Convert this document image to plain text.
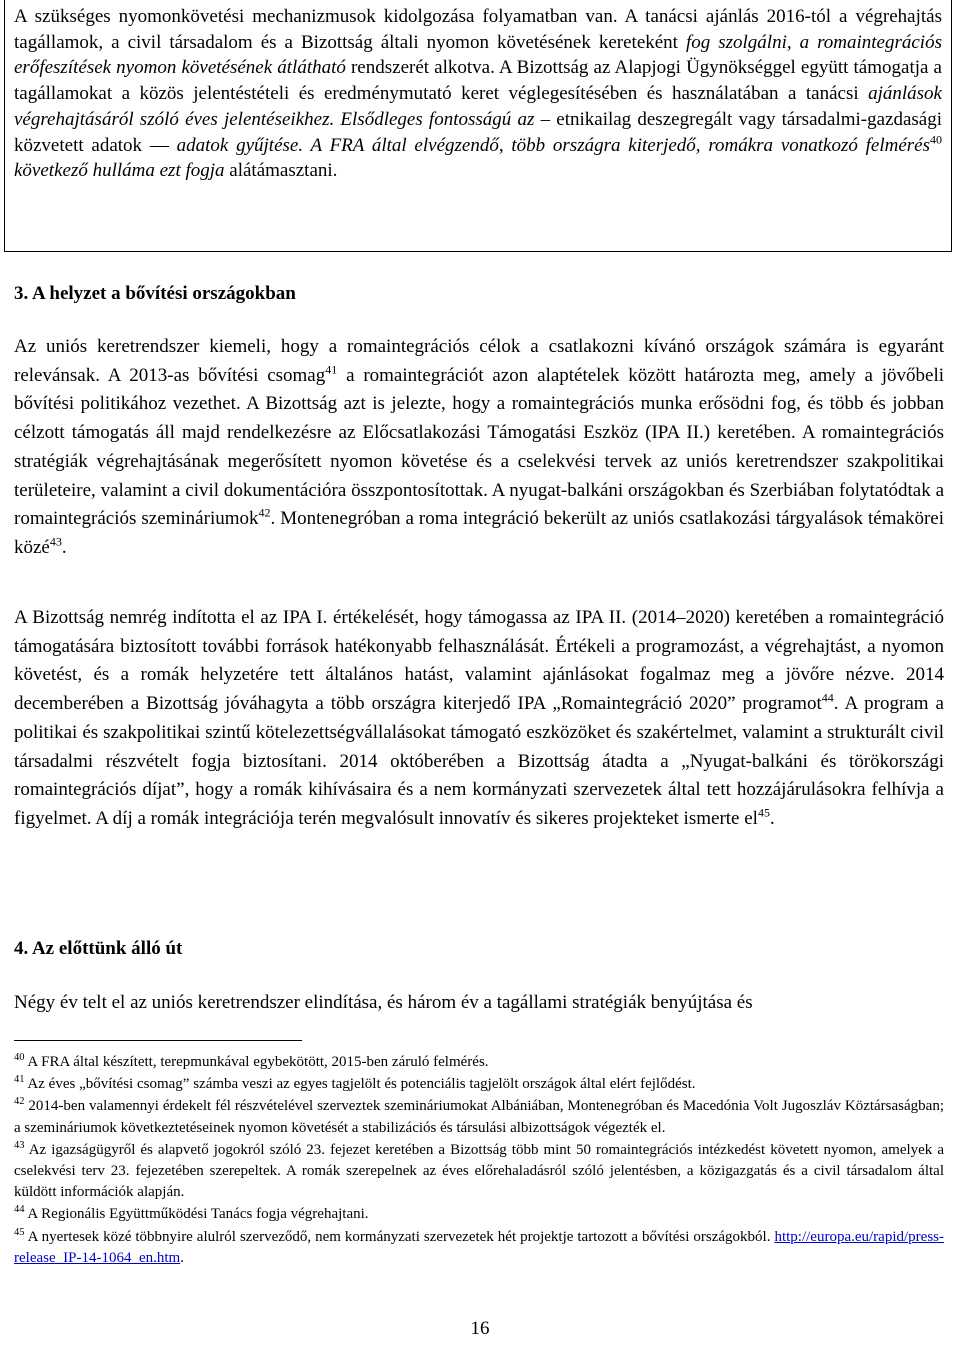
A szükséges nyomonkövetési mechanizmusok kidolgozása folyamatban van. A tanácsi ajánlás 2016-tól a végrehajtás tagállamok, a civil társadalom és a Bizottság általi nyomon követésének kereteként fog szolgálni, a romaintegrációs erőfeszítések nyomon követésének átlátható rendszerét alkotva. A Bizottság az Alapjogi Ügynökséggel együtt támogatja a tagállamokat a közös jelentéstételi és eredménymutató keret véglegesítésében és használatában a tanácsi ajánlások végrehajtásáról szóló éves jelentéseikhez. Elsődleges fontosságú az – etnikailag deszegregált vagy társadalmi-gazdasági közvetett adatok — adatok gyűjtése. A FRA által elvégzendő, több országra kiterjedő, romákra vonatkozó felmérés$^{40}$ következő hulláma ezt fogja alátámasztani.

3. A helyzet a bővítési országokban

Az uniós keretrendszer kiemeli, hogy a romaintegrációs célok a csatlakozni kívánó országok számára is egyaránt relevánsak. A 2013-as bővítési csomag$^{41}$ a romaintegrációt azon alaptételek között határozta meg, amely a jövőbeli bővítési politikához vezethet. A Bizottság azt is jelezte, hogy a romaintegrációs munka erősödni fog, és több és jobban célzott támogatás áll majd rendelkezésre az Előcsatlakozási Támogatási Eszköz (IPA II.) keretében. A romaintegrációs stratégiák végrehajtásának megerősített nyomon követése és a cselekvési tervek az uniós keretrendszer szakpolitikai területeire, valamint a civil dokumentációra összpontosítottak. A nyugat-balkáni országokban és Szerbiában folytatódtak a romaintegrációs szemináriumok$^{42}$. Montenegróban a roma integráció bekerült az uniós csatlakozási tárgyalások témakörei közé$^{43}$.

A Bizottság nemrég indította el az IPA I. értékelését, hogy támogassa az IPA II. (2014–2020) keretében a romaintegráció támogatására biztosított további források hatékonyabb felhasználását. Értékeli a programozást, a végrehajtást, a nyomon követést, és a romák helyzetére tett általános hatást, valamint ajánlásokat fogalmaz meg a jövőre nézve. 2014 decemberében a Bizottság jóváhagyta a több országra kiterjedő IPA „Romaintegráció 2020” programot$^{44}$. A program a politikai és szakpolitikai szintű kötelezettségvállalásokat támogató eszközöket és szakértelmet, valamint a strukturált civil társadalmi részvételt fogja biztosítani. 2014 októberében a Bizottság átadta a „Nyugat-balkáni és törökországi romaintegrációs díjat”, hogy a romák kihívásaira és a nem kormányzati szervezetek által tett hozzájárulásokra felhívja a figyelmet. A díj a romák integrációja terén megvalósult innovatív és sikeres projekteket ismerte $el^{45}$.

4. Az előttünk álló út

Négy év telt el az uniós keretrendszer elindítása, és három év a tagállami stratégiák benyújtása és

$^{40}$ A FRA által készített, terepmunkával egybekötött, 2015-ben záruló felmérés.

$^{41}$ Az éves „bővítési csomag” számba veszi az egyes tagjelölt és potenciális tagjelölt országok által elért fejlődést.

$^{42}$ 2014-ben valamennyi érdekelt fél részvételével szerveztek szemináriumokat Albániában, Montenegróban és Macedónia Volt Jugoszláv Köztársaságban; a szemináriumok következtetéseinek nyomon követését a stabilizációs és társulási albizottságok végezték el.

$^{43}$ Az igazságügyről és alapvető jogokról szóló 23. fejezet keretében a Bizottság több mint 50 romaintegrációs intézkedést követett nyomon, amelyek a cselekvési terv 23. fejezetében szerepeltek. A romák szerepelnek az éves előrehaladásról szóló jelentésben, a közigazgatás és a civil társadalom által küldött információk alapján.

$^{44}$ A Regionális Együttműködési Tanács fogja végrehajtani.

$^{45}$ A nyertesek közé többnyire alulról szerveződő, nem kormányzati szervezetek hét projektje tartozott a bővítési országokból. http://europa.eu/rapid/press-release_IP-14-1064_en.htm.

16
